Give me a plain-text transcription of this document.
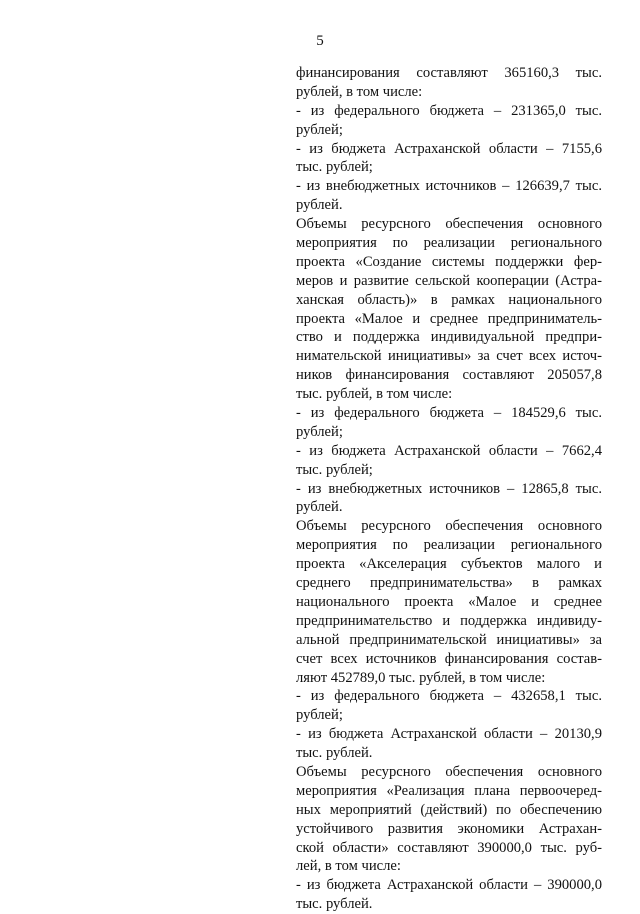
5
финансирования составляют 365160,3 тыс.
рублей, в том числе:
- из федерального бюджета – 231365,0 тыс.
рублей;
- из бюджета Астраханской области – 7155,6
тыс. рублей;
- из внебюджетных источников – 126639,7 тыс.
рублей.
Объемы ресурсного обеспечения основного
мероприятия по реализации регионального
проекта «Создание системы поддержки фер-
меров и развитие сельской кооперации (Астра-
ханская область)» в рамках национального
проекта «Малое и среднее предприниматель-
ство и поддержка индивидуальной предпри-
нимательской инициативы» за счет всех источ-
ников финансирования составляют 205057,8
тыс. рублей, в том числе:
- из федерального бюджета – 184529,6 тыс.
рублей;
- из бюджета Астраханской области – 7662,4
тыс. рублей;
- из внебюджетных источников – 12865,8 тыс.
рублей.
Объемы ресурсного обеспечения основного
мероприятия по реализации регионального
проекта «Акселерация субъектов малого и
среднего предпринимательства» в рамках
национального проекта «Малое и среднее
предпринимательство и поддержка индивиду-
альной предпринимательской инициативы» за
счет всех источников финансирования состав-
ляют 452789,0 тыс. рублей, в том числе:
- из федерального бюджета – 432658,1 тыс.
рублей;
- из бюджета Астраханской области – 20130,9
тыс. рублей.
Объемы ресурсного обеспечения основного
мероприятия «Реализация плана первоочеред-
ных мероприятий (действий) по обеспечению
устойчивого развития экономики Астрахан-
ской области» составляют 390000,0 тыс. руб-
лей, в том числе:
- из бюджета Астраханской области – 390000,0
тыс. рублей.
